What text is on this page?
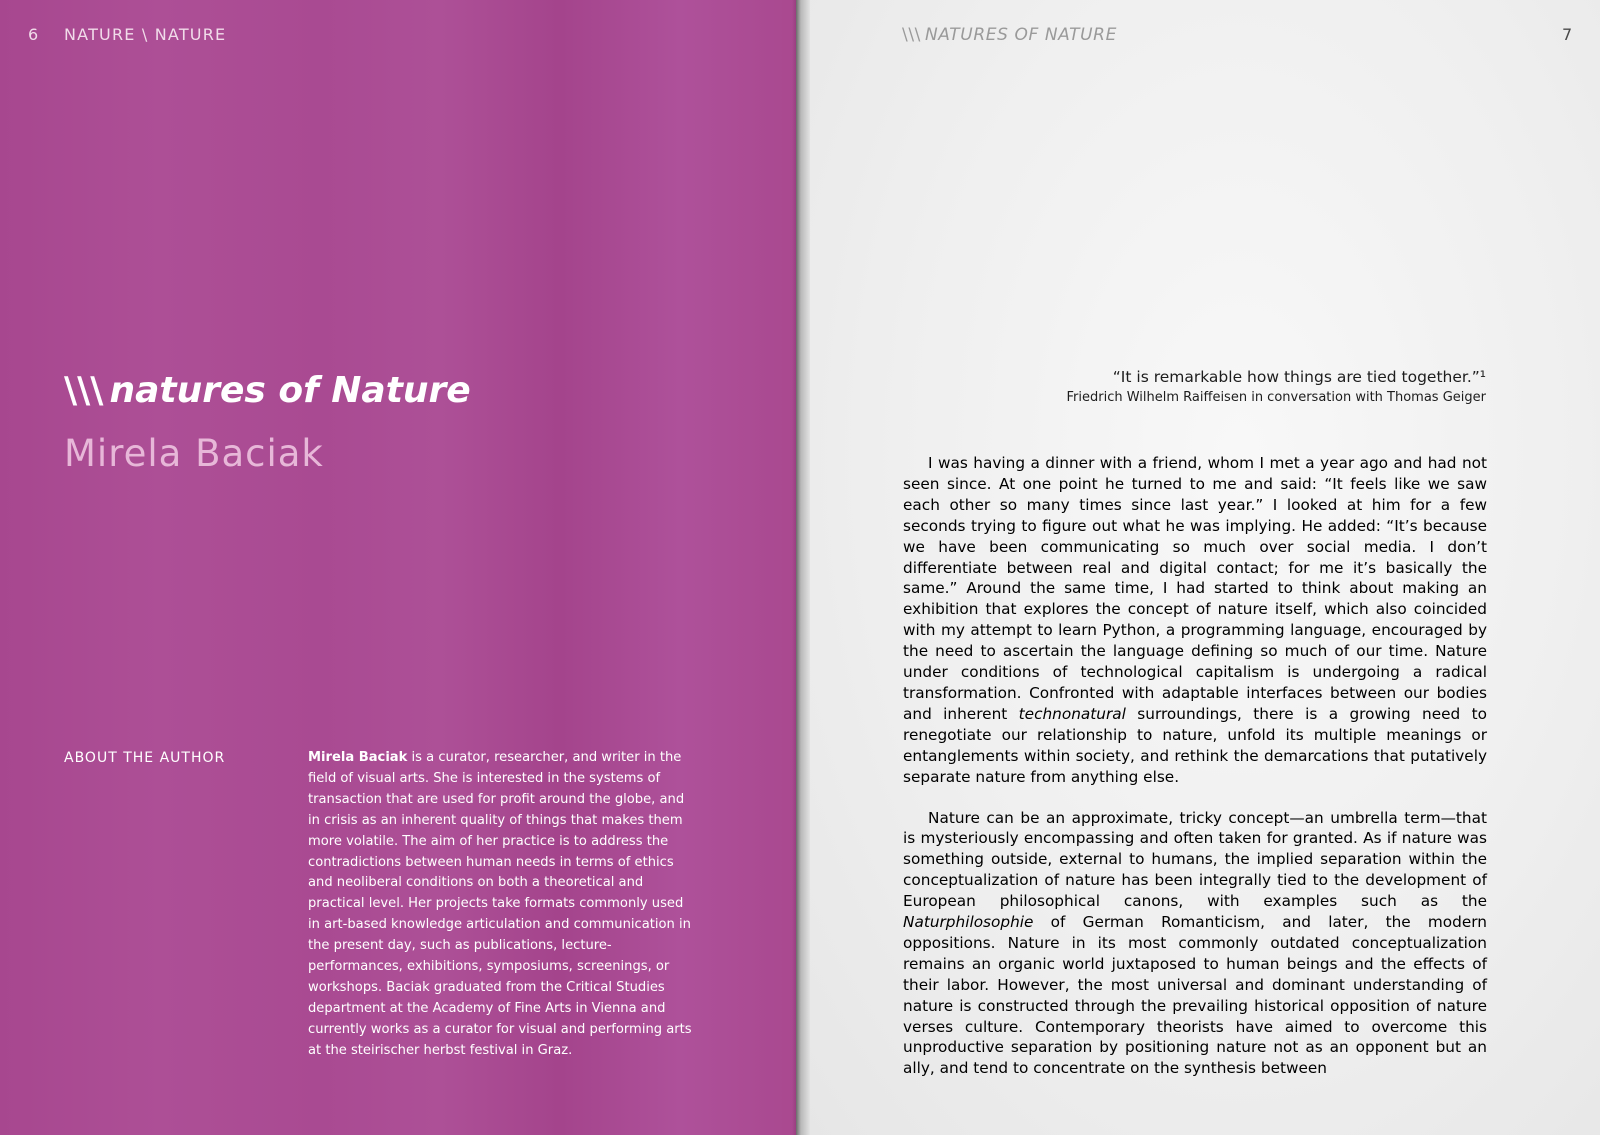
6 NATURE \ NATURE
\\\ natures of Nature
Mirela Baciak
ABOUT THE AUTHOR	Mirela Baciak is a curator, researcher, and writer in the field of visual arts. She is interested in the systems of transaction that are used for profit around the globe, and in crisis as an inherent quality of things that makes them more volatile. The aim of her practice is to address the contradictions between human needs in terms of ethics and neoliberal conditions on both a theoretical and practical level. Her projects take formats commonly used in art-based knowledge articulation and communication in the present day, such as publications, lecture-performances, exhibitions, symposiums, screenings, or workshops. Baciak graduated from the Critical Studies department at the Academy of Fine Arts in Vienna and currently works as a curator for visual and performing arts at the steirischer herbst festival in Graz.
\\\ NATURES OF NATURE	7
“It is remarkable how things are tied together.”¹
Friedrich Wilhelm Raiffeisen in conversation with Thomas Geiger

I was having a dinner with a friend, whom I met a year ago and had not seen since. At one point he turned to me and said: “It feels like we saw each other so many times since last year.” I looked at him for a few seconds trying to figure out what he was implying. He added: “It’s because we have been communicating so much over social media. I don’t differentiate between real and digital contact; for me it’s basically the same.” Around the same time, I had started to think about making an exhibition that explores the concept of nature itself, which also coincided with my attempt to learn Python, a programming language, encouraged by the need to ascertain the language defining so much of our time. Nature under conditions of technological capitalism is undergoing a radical transformation. Confronted with adaptable interfaces between our bodies and inherent technonatural surroundings, there is a growing need to renegotiate our relationship to nature, unfold its multiple meanings or entanglements within society, and rethink the demarcations that putatively separate nature from anything else.

Nature can be an approximate, tricky concept—an umbrella term—that is mysteriously encompassing and often taken for granted. As if nature was something outside, external to humans, the implied separation within the conceptualization of nature has been integrally tied to the development of European philosophical canons, with examples such as the Naturphilosophie of German Romanticism, and later, the modern oppositions. Nature in its most commonly outdated conceptualization remains an organic world juxtaposed to human beings and the effects of their labor. However, the most universal and dominant understanding of nature is constructed through the prevailing historical opposition of nature verses culture. Contemporary theorists have aimed to overcome this unproductive separation by positioning nature not as an opponent but an ally, and tend to concentrate on the synthesis between
